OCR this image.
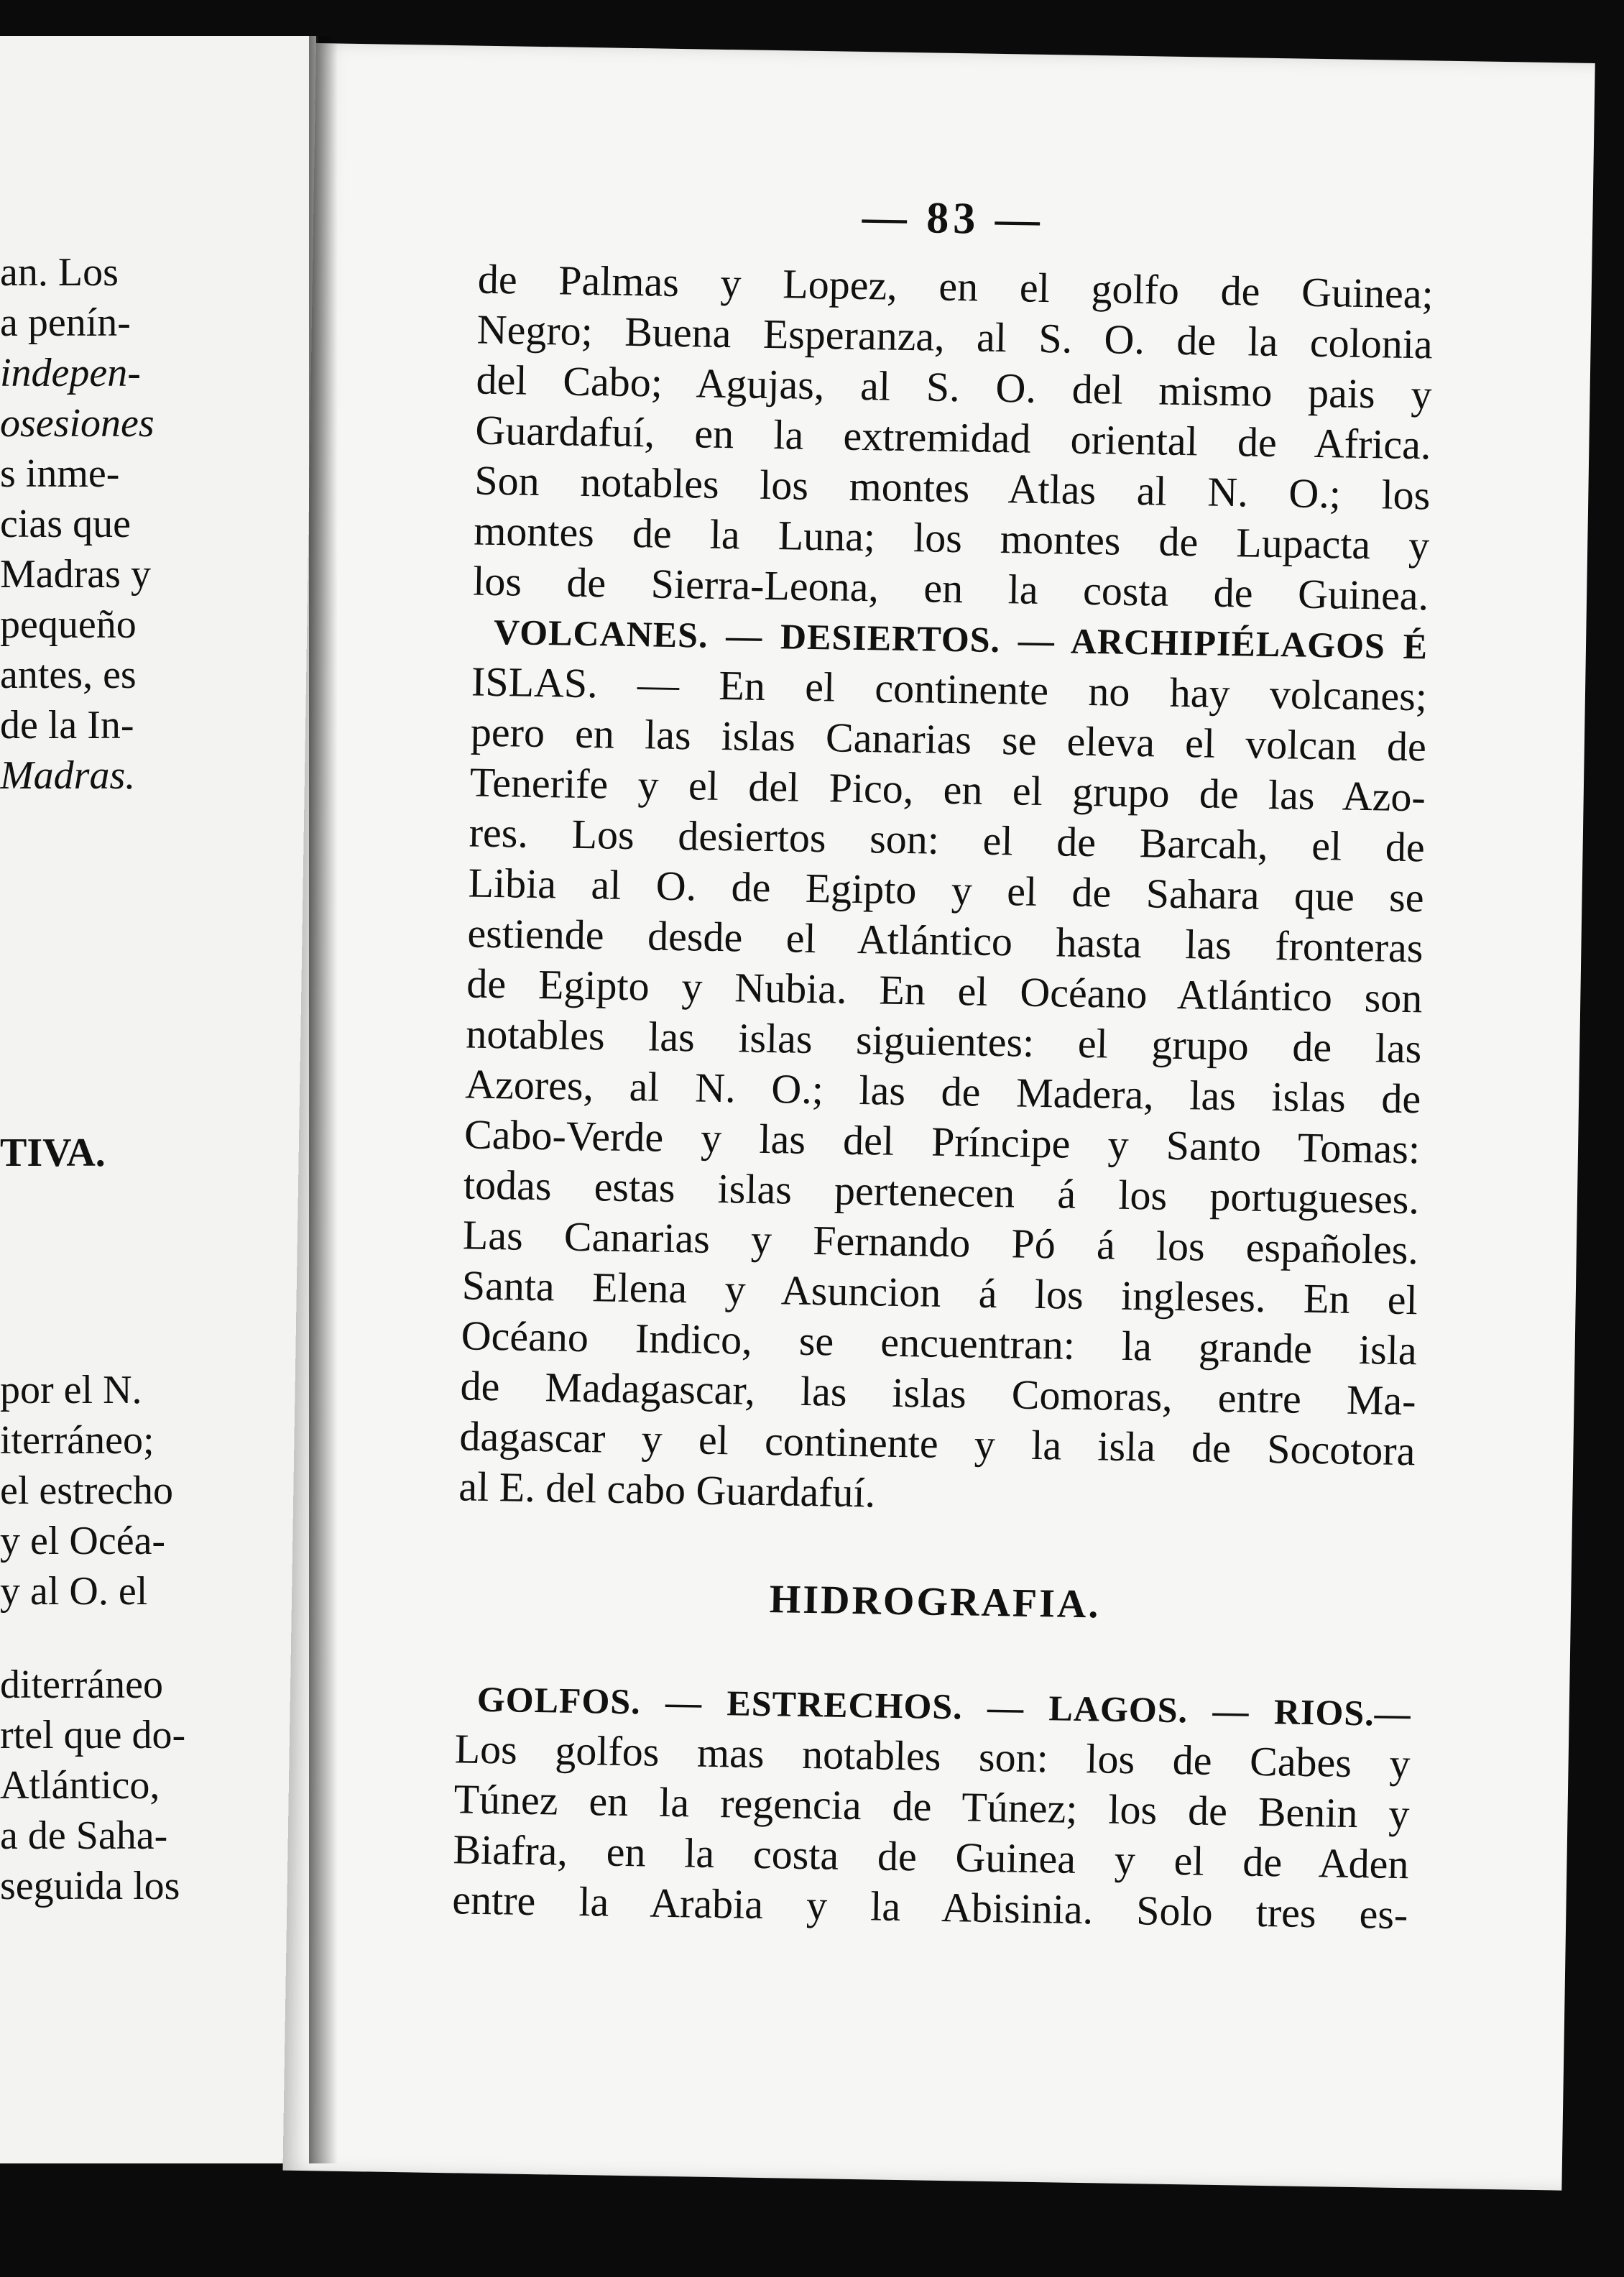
an. Los
a penín-
indepen-
osesiones
s inme-
cias que
Madras y
pequeño
antes, es
de la In-
Madras.
TIVA.
por el N.
iterráneo;
el estrecho
y el Océa-
y al O. el
diterráneo
rtel que do-
Atlántico,
a de Saha-
seguida los
— 83 —
de Palmas y Lopez, en el golfo de Guinea;
Negro; Buena Esperanza, al S. O. de la colonia
del Cabo; Agujas, al S. O. del mismo pais y
Guardafuí, en la extremidad oriental de Africa.
Son notables los montes Atlas al N. O.; los
montes de la Luna; los montes de Lupacta y
los de Sierra-Leona, en la costa de Guinea.
VOLCANES. — DESIERTOS. — ARCHIPIÉLAGOS É
ISLAS. — En el continente no hay volcanes;
pero en las islas Canarias se eleva el volcan de
Tenerife y el del Pico, en el grupo de las Azo-
res. Los desiertos son: el de Barcah, el de
Libia al O. de Egipto y el de Sahara que se
estiende desde el Atlántico hasta las fronteras
de Egipto y Nubia. En el Océano Atlántico son
notables las islas siguientes: el grupo de las
Azores, al N. O.; las de Madera, las islas de
Cabo-Verde y las del Príncipe y Santo Tomas:
todas estas islas pertenecen á los portugueses.
Las Canarias y Fernando Pó á los españoles.
Santa Elena y Asuncion á los ingleses. En el
Océano Indico, se encuentran: la grande isla
de Madagascar, las islas Comoras, entre Ma-
dagascar y el continente y la isla de Socotora
al E. del cabo Guardafuí.
HIDROGRAFIA.
GOLFOS. — ESTRECHOS. — LAGOS. — RIOS.—
Los golfos mas notables son: los de Cabes y
Túnez en la regencia de Túnez; los de Benin y
Biafra, en la costa de Guinea y el de Aden
entre la Arabia y la Abisinia. Solo tres es-
